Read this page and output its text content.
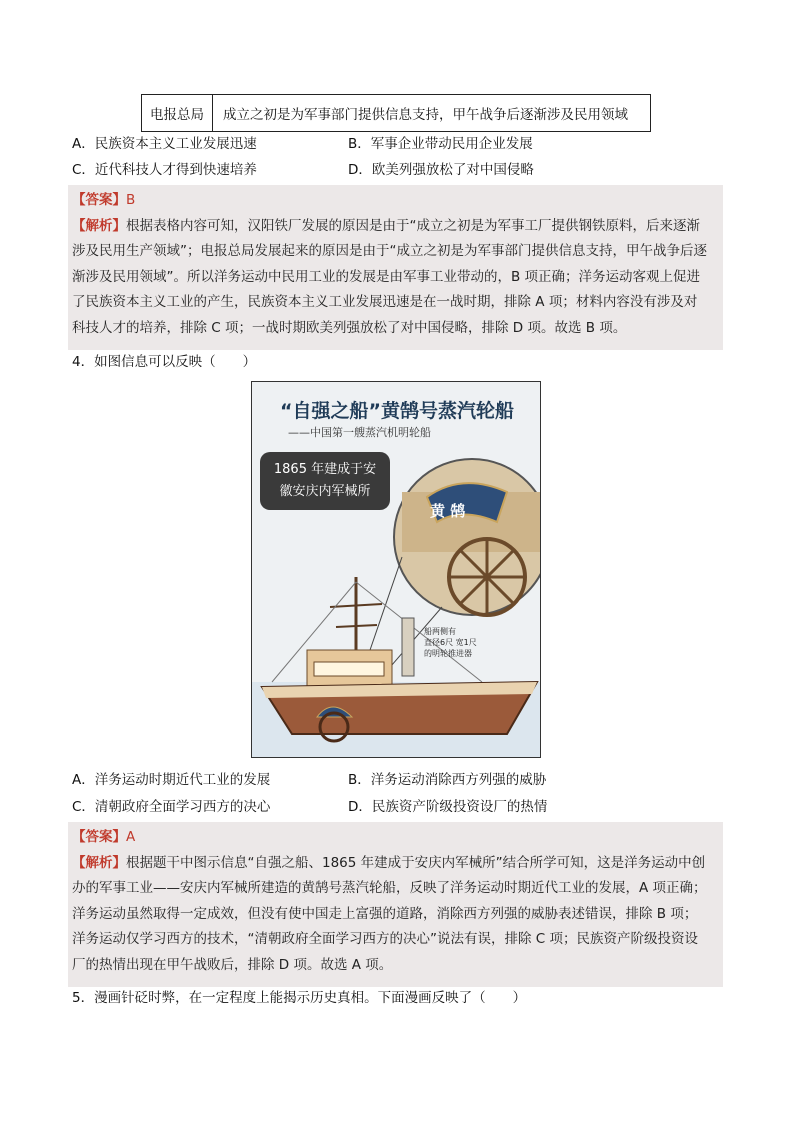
电报总局	成立之初是为军事部门提供信息支持，甲午战争后逐渐涉及民用领域
A．民族资本主义工业发展迅速	B．军事企业带动民用企业发展
C．近代科技人才得到快速培养	D．欧美列强放松了对中国侵略
【答案】B
【解析】根据表格内容可知，汉阳铁厂发展的原因是由于“成立之初是为军事工厂提供钢铁原料，后来逐渐
涉及民用生产领域”；电报总局发展起来的原因是由于“成立之初是为军事部门提供信息支持，甲午战争后逐
渐涉及民用领域”。所以洋务运动中民用工业的发展是由军事工业带动的，B 项正确；洋务运动客观上促进
了民族资本主义工业的产生，民族资本主义工业发展迅速是在一战时期，排除 A 项；材料内容没有涉及对
科技人才的培养，排除 C 项；一战时期欧美列强放松了对中国侵略，排除 D 项。故选 B 项。
4．如图信息可以反映（　　）
“自强之船”黄鹄号蒸汽轮船
——中国第一艘蒸汽机明轮船
1865 年建成于安
徽安庆内军械所
黄 鹄
船两侧有
直径6尺 宽1尺
的明轮推进器
A．洋务运动时期近代工业的发展	B．洋务运动消除西方列强的威胁
C．清朝政府全面学习西方的决心	D．民族资产阶级投资设厂的热情
【答案】A
【解析】根据题干中图示信息“自强之船、1865 年建成于安庆内军械所”结合所学可知，这是洋务运动中创
办的军事工业——安庆内军械所建造的黄鹄号蒸汽轮船，反映了洋务运动时期近代工业的发展，A 项正确；
洋务运动虽然取得一定成效，但没有使中国走上富强的道路，消除西方列强的威胁表述错误，排除 B 项；
洋务运动仅学习西方的技术，“清朝政府全面学习西方的决心”说法有误，排除 C 项；民族资产阶级投资设
厂的热情出现在甲午战败后，排除 D 项。故选 A 项。
5．漫画针砭时弊，在一定程度上能揭示历史真相。下面漫画反映了（　　）
